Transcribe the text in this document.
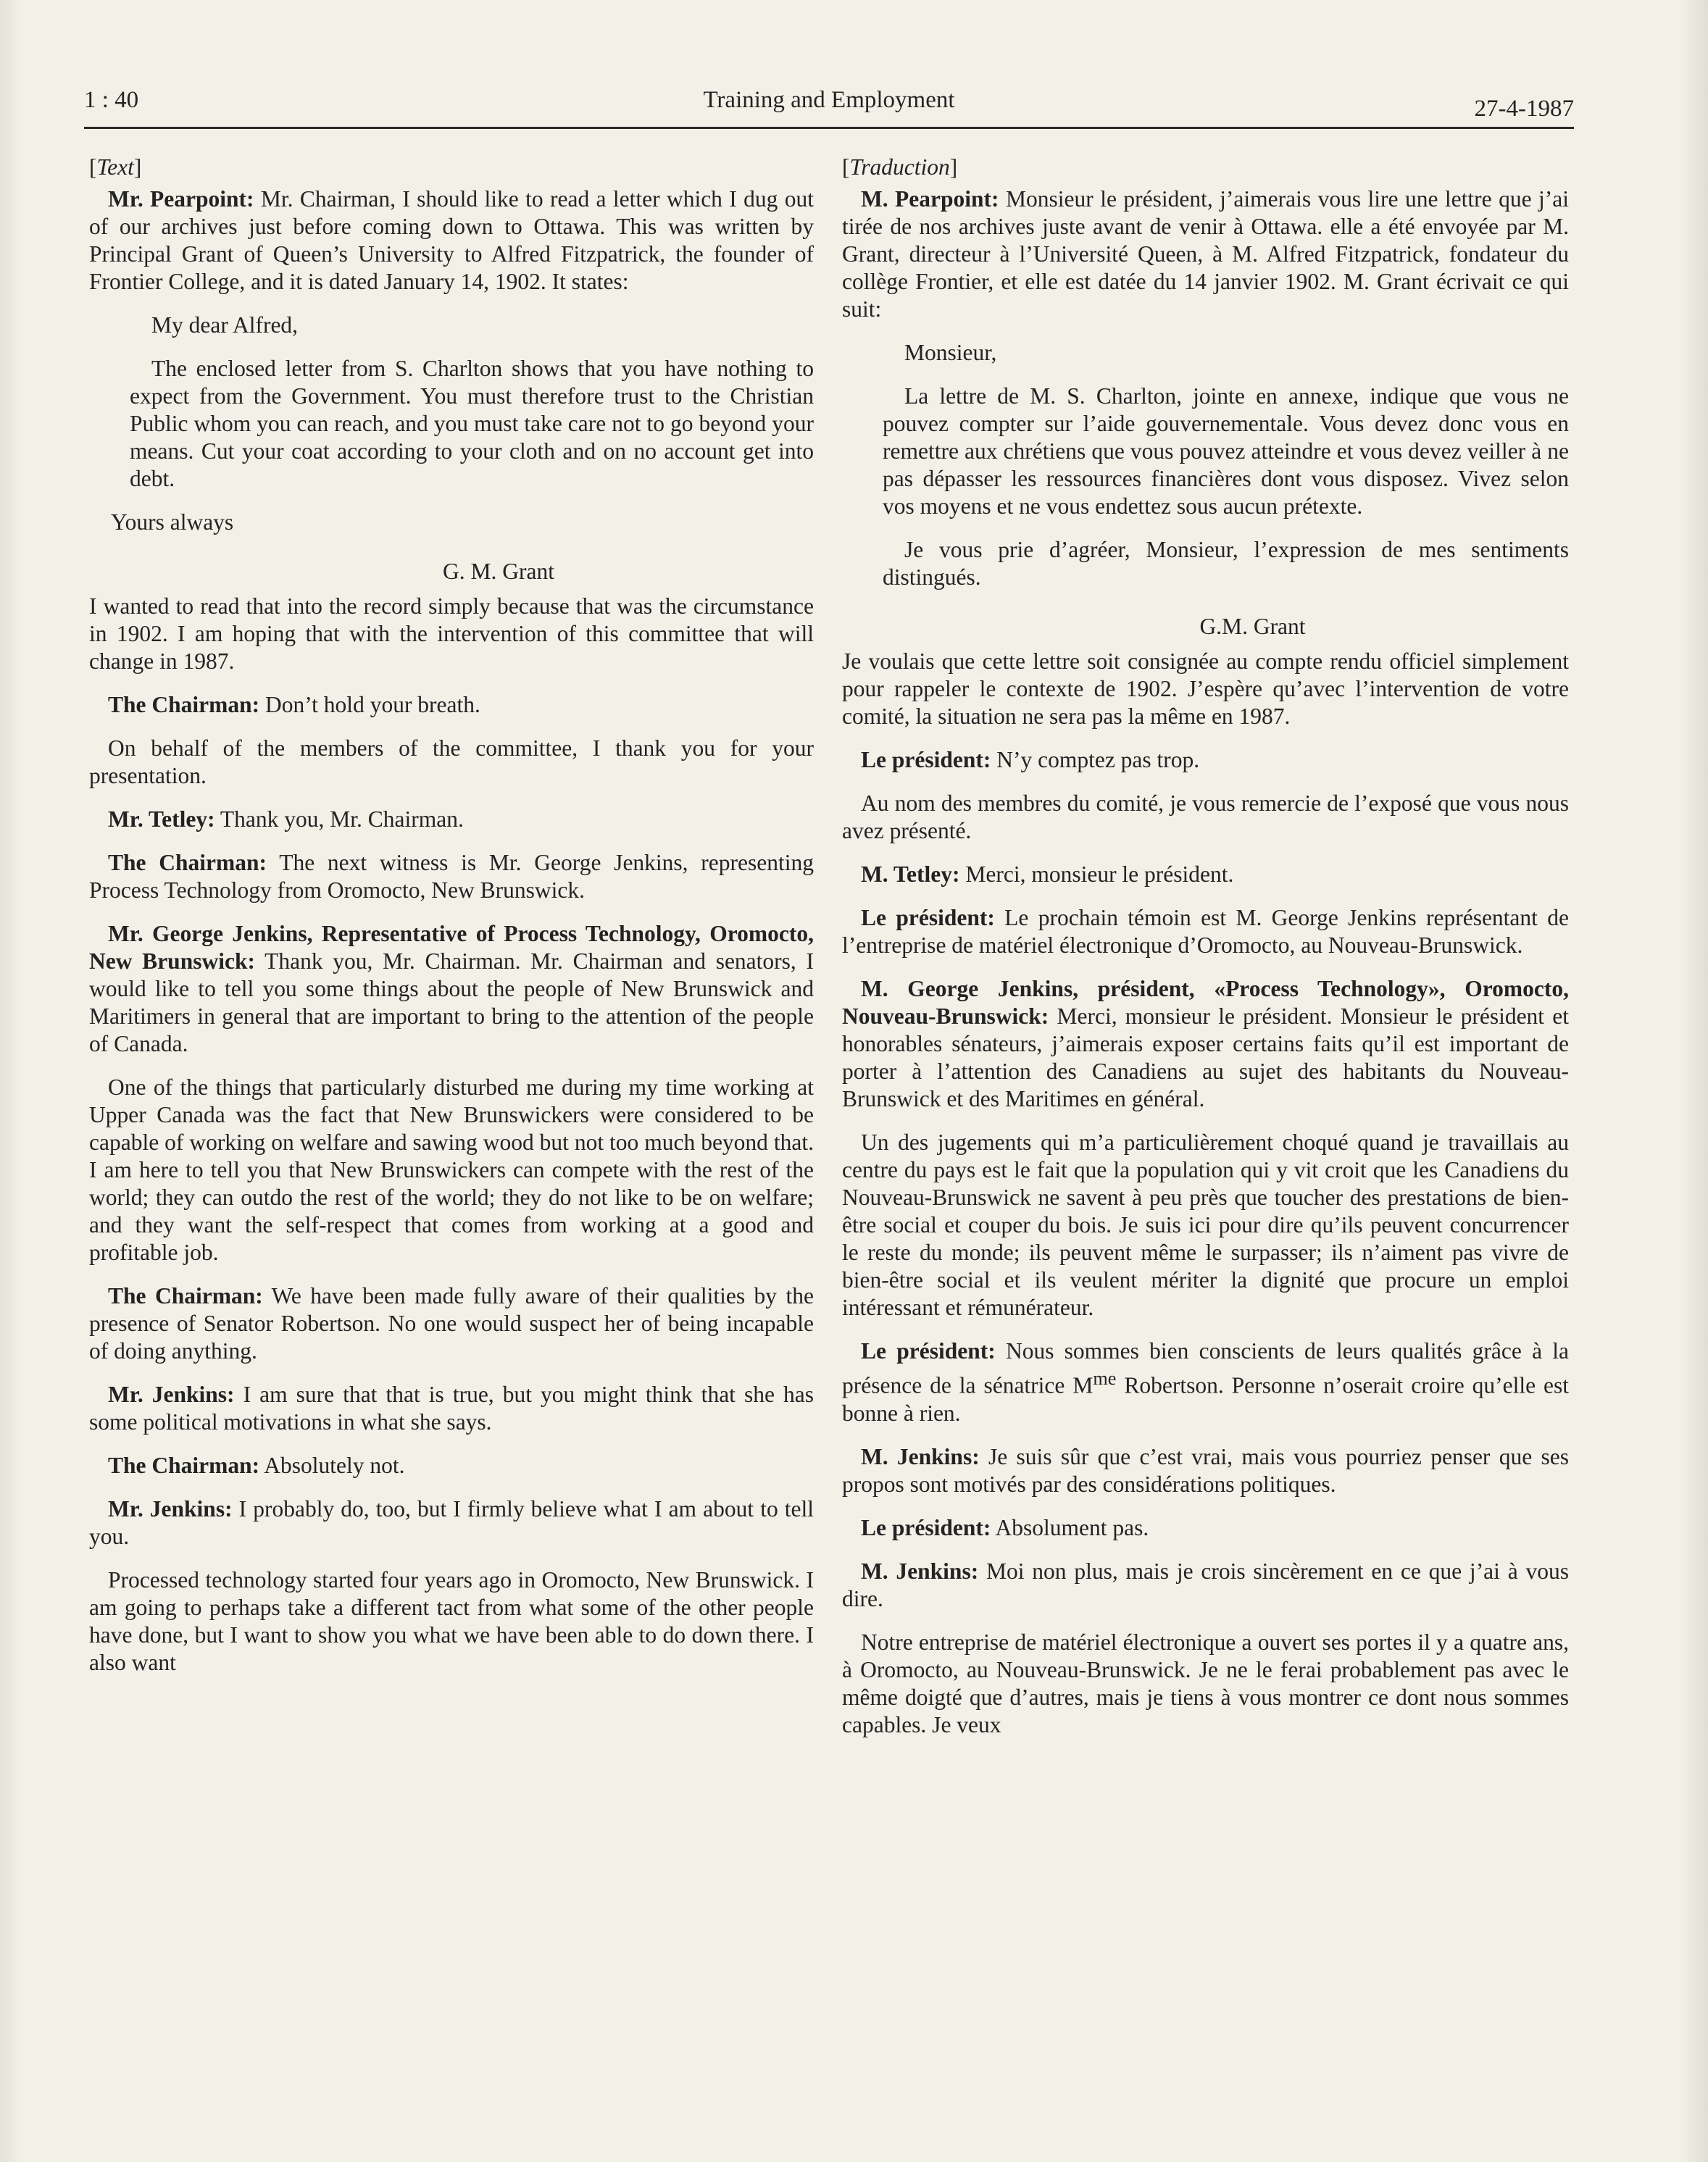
1 : 40	Training and Employment	27-4-1987

[Text]

Mr. Pearpoint: Mr. Chairman, I should like to read a letter which I dug out of our archives just before coming down to Ottawa. This was written by Principal Grant of Queen’s University to Alfred Fitzpatrick, the founder of Frontier College, and it is dated January 14, 1902. It states:

My dear Alfred,

The enclosed letter from S. Charlton shows that you have nothing to expect from the Government. You must therefore trust to the Christian Public whom you can reach, and you must take care not to go beyond your means. Cut your coat according to your cloth and on no account get into debt.

Yours always

G. M. Grant

I wanted to read that into the record simply because that was the circumstance in 1902. I am hoping that with the intervention of this committee that will change in 1987.

The Chairman: Don’t hold your breath.

On behalf of the members of the committee, I thank you for your presentation.

Mr. Tetley: Thank you, Mr. Chairman.

The Chairman: The next witness is Mr. George Jenkins, representing Process Technology from Oromocto, New Brunswick.

Mr. George Jenkins, Representative of Process Technology, Oromocto, New Brunswick: Thank you, Mr. Chairman. Mr. Chairman and senators, I would like to tell you some things about the people of New Brunswick and Maritimers in general that are important to bring to the attention of the people of Canada.

One of the things that particularly disturbed me during my time working at Upper Canada was the fact that New Brunswickers were considered to be capable of working on welfare and sawing wood but not too much beyond that. I am here to tell you that New Brunswickers can compete with the rest of the world; they can outdo the rest of the world; they do not like to be on welfare; and they want the self-respect that comes from working at a good and profitable job.

The Chairman: We have been made fully aware of their qualities by the presence of Senator Robertson. No one would suspect her of being incapable of doing anything.

Mr. Jenkins: I am sure that that is true, but you might think that she has some political motivations in what she says.

The Chairman: Absolutely not.

Mr. Jenkins: I probably do, too, but I firmly believe what I am about to tell you.

Processed technology started four years ago in Oromocto, New Brunswick. I am going to perhaps take a different tact from what some of the other people have done, but I want to show you what we have been able to do down there. I also want

[Traduction]

M. Pearpoint: Monsieur le président, j’aimerais vous lire une lettre que j’ai tirée de nos archives juste avant de venir à Ottawa. elle a été envoyée par M. Grant, directeur à l’Université Queen, à M. Alfred Fitzpatrick, fondateur du collège Frontier, et elle est datée du 14 janvier 1902. M. Grant écrivait ce qui suit:

Monsieur,

La lettre de M. S. Charlton, jointe en annexe, indique que vous ne pouvez compter sur l’aide gouvernementale. Vous devez donc vous en remettre aux chrétiens que vous pouvez atteindre et vous devez veiller à ne pas dépasser les ressources financières dont vous disposez. Vivez selon vos moyens et ne vous endettez sous aucun prétexte.

Je vous prie d’agréer, Monsieur, l’expression de mes sentiments distingués.

G.M. Grant

Je voulais que cette lettre soit consignée au compte rendu officiel simplement pour rappeler le contexte de 1902. J’espère qu’avec l’intervention de votre comité, la situation ne sera pas la même en 1987.

Le président: N’y comptez pas trop.

Au nom des membres du comité, je vous remercie de l’exposé que vous nous avez présenté.

M. Tetley: Merci, monsieur le président.

Le président: Le prochain témoin est M. George Jenkins représentant de l’entreprise de matériel électronique d’Oromocto, au Nouveau-Brunswick.

M. George Jenkins, président, «Process Technology», Oromocto, Nouveau-Brunswick: Merci, monsieur le président. Monsieur le président et honorables sénateurs, j’aimerais exposer certains faits qu’il est important de porter à l’attention des Canadiens au sujet des habitants du Nouveau-Brunswick et des Maritimes en général.

Un des jugements qui m’a particulièrement choqué quand je travaillais au centre du pays est le fait que la population qui y vit croit que les Canadiens du Nouveau-Brunswick ne savent à peu près que toucher des prestations de bien-être social et couper du bois. Je suis ici pour dire qu’ils peuvent concurrencer le reste du monde; ils peuvent même le surpasser; ils n’aiment pas vivre de bien-être social et ils veulent mériter la dignité que procure un emploi intéressant et rémunérateur.

Le président: Nous sommes bien conscients de leurs qualités grâce à la présence de la sénatrice $M^{me}$ Robertson. Personne n’oserait croire qu’elle est bonne à rien.

M. Jenkins: Je suis sûr que c’est vrai, mais vous pourriez penser que ses propos sont motivés par des considérations politiques.

Le président: Absolument pas.

M. Jenkins: Moi non plus, mais je crois sincèrement en ce que j’ai à vous dire.

Notre entreprise de matériel électronique a ouvert ses portes il y a quatre ans, à Oromocto, au Nouveau-Brunswick. Je ne le ferai probablement pas avec le même doigté que d’autres, mais je tiens à vous montrer ce dont nous sommes capables. Je veux
